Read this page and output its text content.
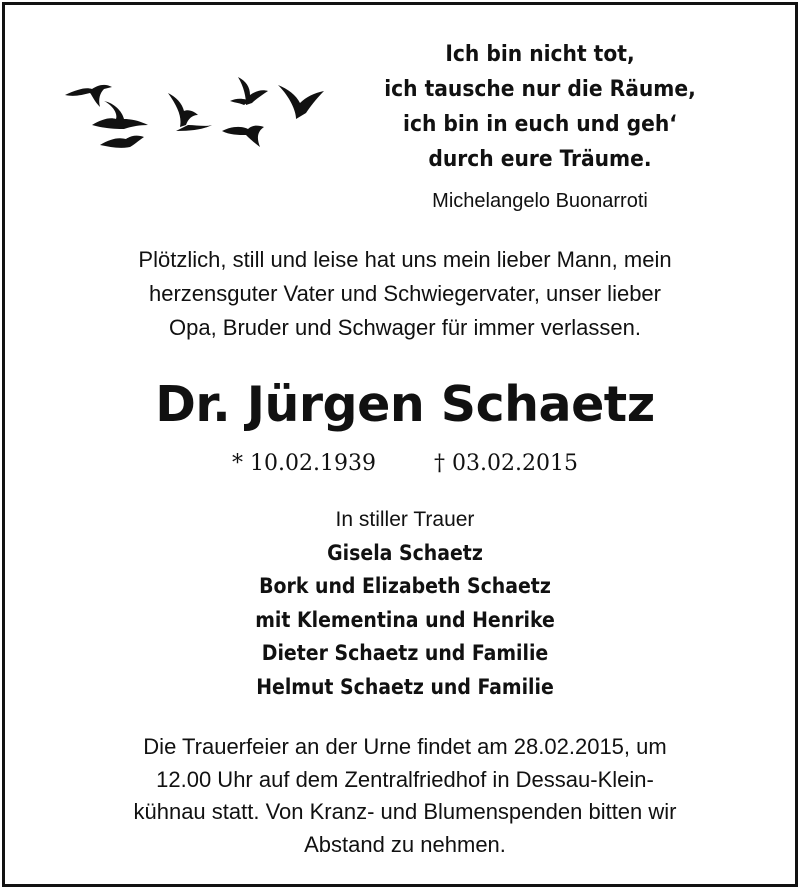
Ich bin nicht tot,
ich tausche nur die Räume,
ich bin in euch und geh‘
durch eure Träume.
Michelangelo Buonarroti
Plötzlich, still und leise hat uns mein lieber Mann, mein
herzensguter Vater und Schwiegervater, unser lieber
Opa, Bruder und Schwager für immer verlassen.
Dr. Jürgen Schaetz
* 10.02.1939	† 03.02.2015
In stiller Trauer
Gisela Schaetz
Bork und Elizabeth Schaetz
mit Klementina und Henrike
Dieter Schaetz und Familie
Helmut Schaetz und Familie
Die Trauerfeier an der Urne findet am 28.02.2015, um
12.00 Uhr auf dem Zentralfriedhof in Dessau-Klein-
kühnau statt. Von Kranz- und Blumenspenden bitten wir
Abstand zu nehmen.
